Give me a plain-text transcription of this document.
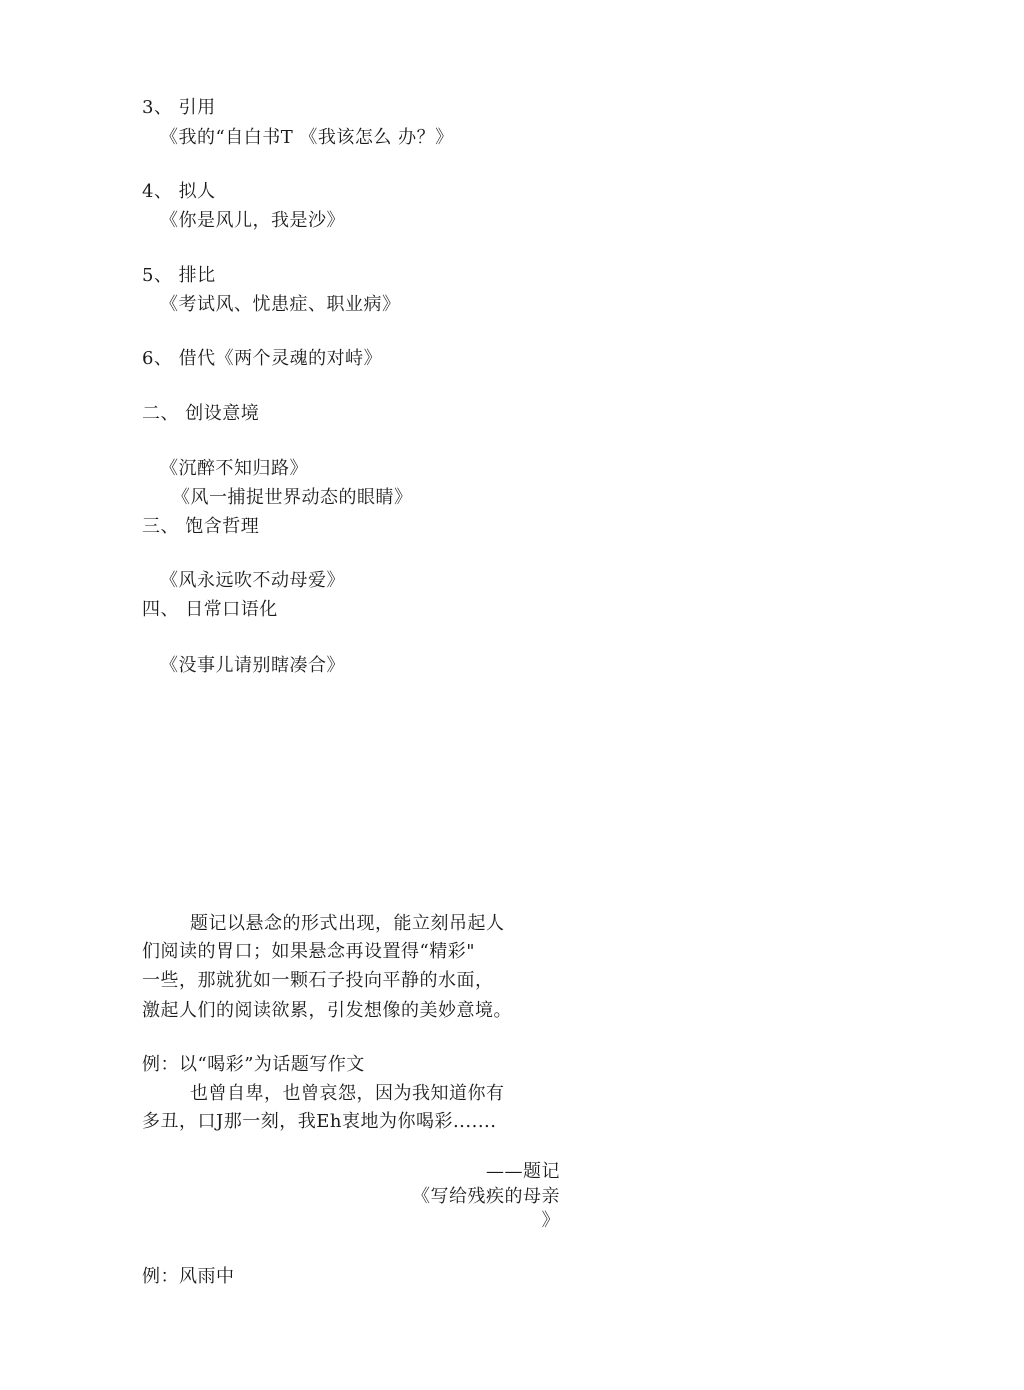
3、 引用
《我的“自白书T 《我该怎么 办？》
4、 拟人
《你是风儿，我是沙》
5、 排比
《考试风、忧患症、职业病》
6、 借代《两个灵魂的对峙》
二、 创设意境
《沉醉不知归路》
《风一捕捉世界动态的眼睛》
三、 饱含哲理
《风永远吹不动母爱》
四、 日常口语化
《没事儿请别瞎凑合》
题记以悬念的形式出现，能立刻吊起人
们阅读的胃口；如果悬念再设置得“精彩"
一些，那就犹如一颗石子投向平静的水面，
激起人们的阅读欲累，引发想像的美妙意境。
例：以“喝彩”为话题写作文
也曾自卑，也曾哀怨，因为我知道你有
多丑，口J那一刻，我Eh衷地为你喝彩.......
——题记
《写给残疾的母亲
》
例：风雨中
